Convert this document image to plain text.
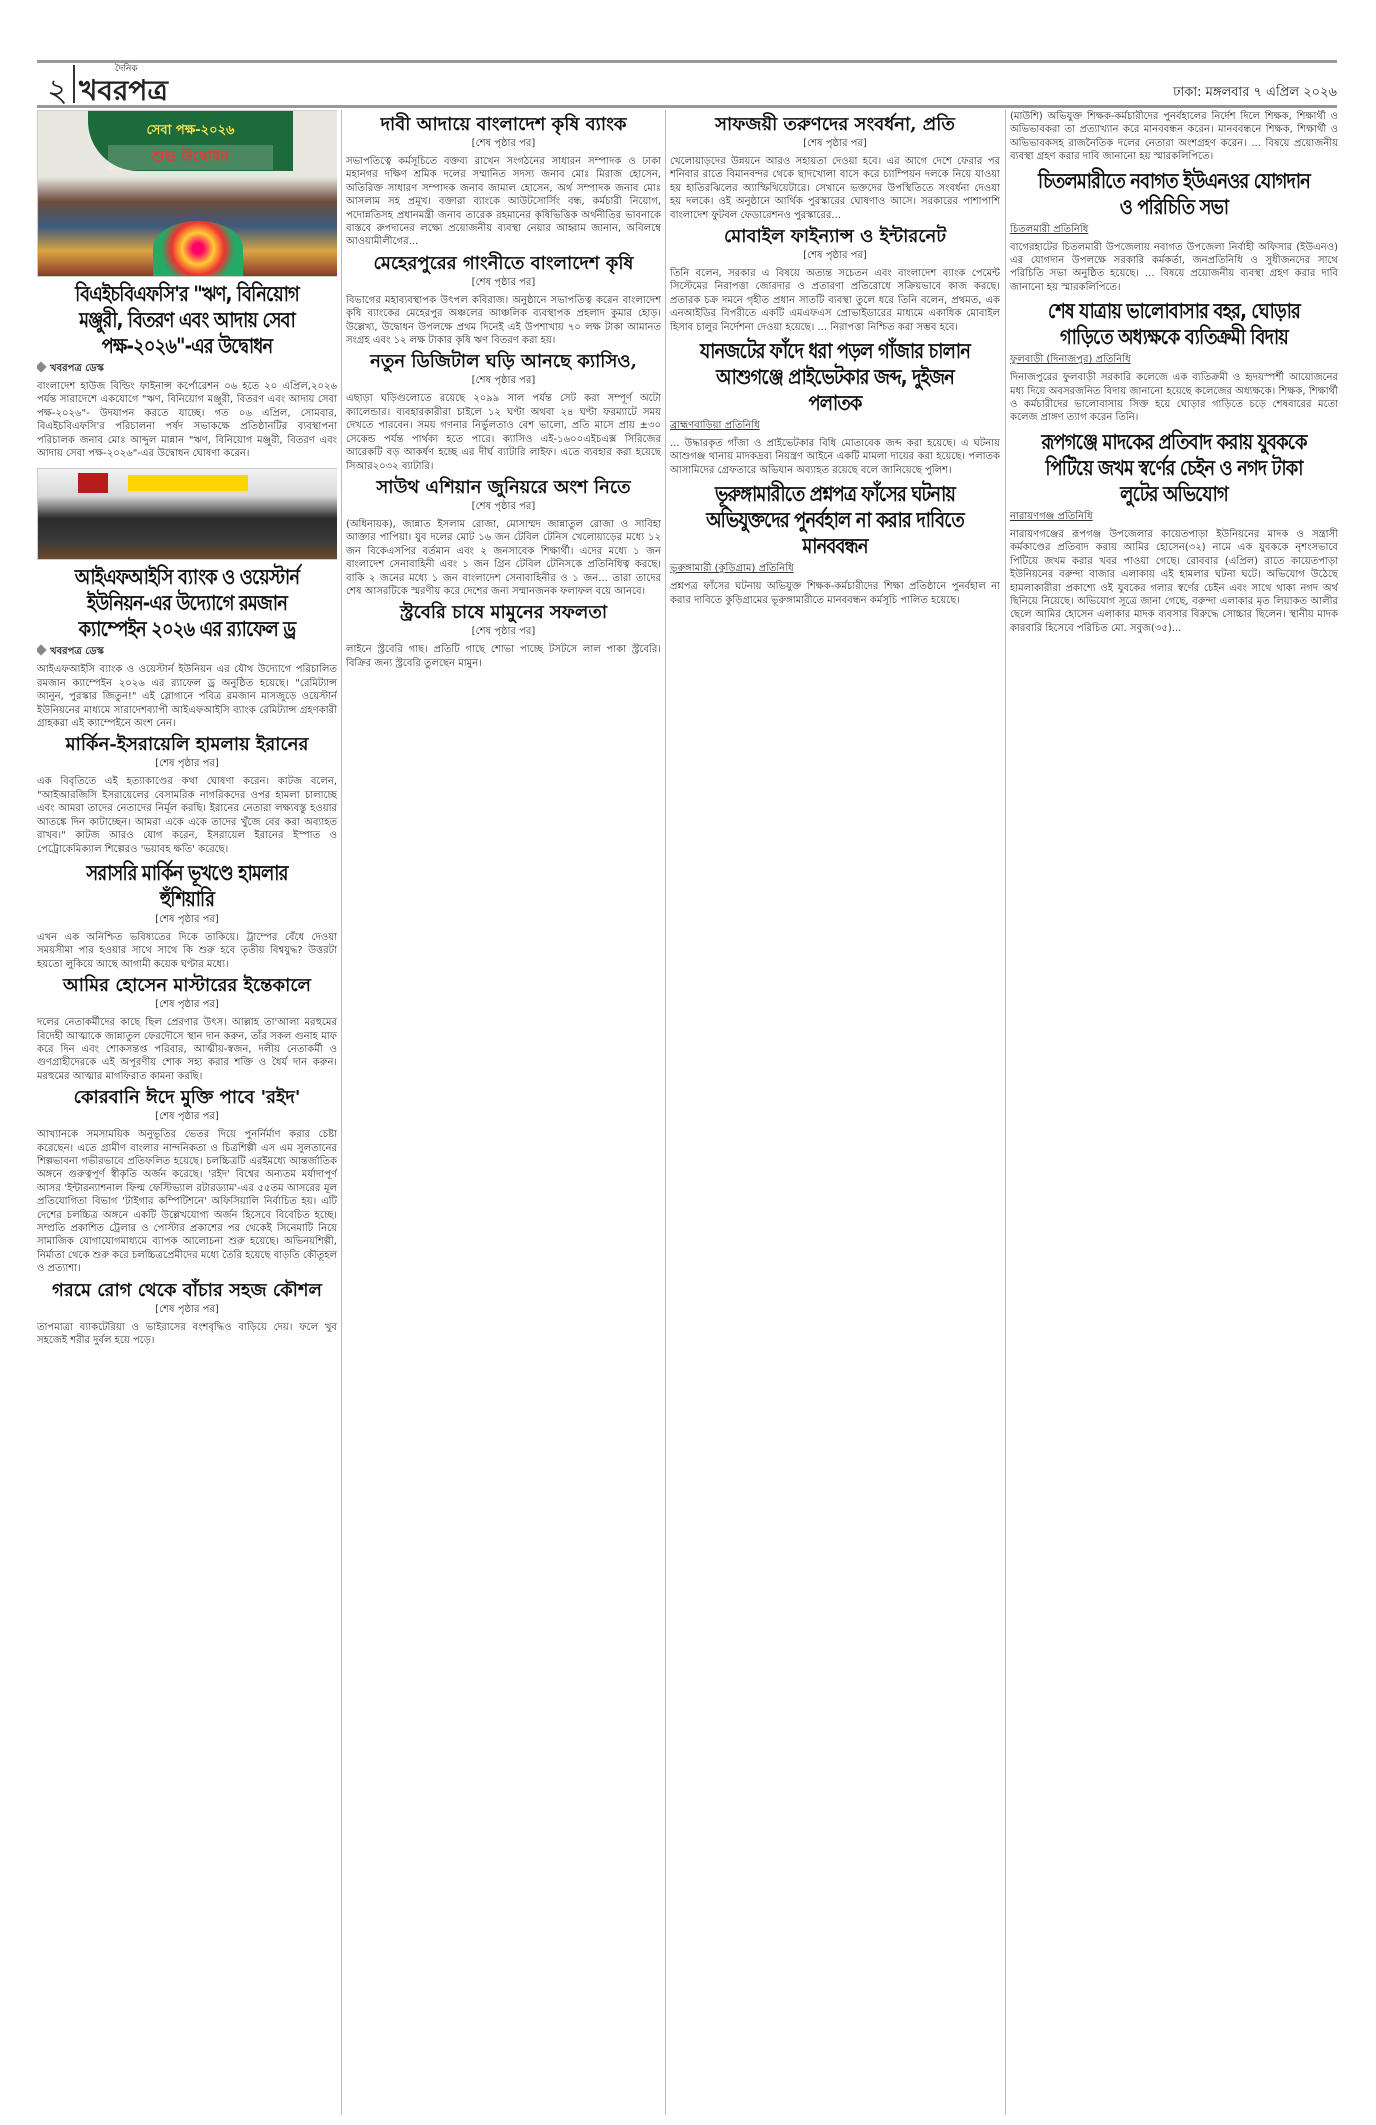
২
দৈনিক
খবরপত্র	ঢাকা: মঙ্গলবার ৭ এপ্রিল ২০২৬
সেবা পক্ষ-২০২৬
শুভ উদ্বোধন
বিএইচবিএফসি'র "ঋণ, বিনিয়োগ মঞ্জুরী, বিতরণ এবং আদায় সেবা পক্ষ-২০২৬"-এর উদ্বোধন
খবরপত্র ডেস্ক

বাংলাদেশ হাউজ বিল্ডিং ফাইনান্স কর্পোরেশন ০৬ হতে ২০ এপ্রিল,২০২৬ পর্যন্ত সারাদেশে একযোগে "ঋণ, বিনিয়োগ মঞ্জুরী, বিতরণ এবং আদায় সেবা পক্ষ-২০২৬"- উদযাপন করতে যাচ্ছে। গত ০৬ এপ্রিল, সোমবার, বিএইচবিএফসি'র পরিচালনা পর্ষদ সভাকক্ষে প্রতিষ্ঠানটির ব্যবস্থাপনা পরিচালক জনাব মোঃ আব্দুল মান্নান "ঋণ, বিনিয়োগ মঞ্জুরী, বিতরণ এবং আদায় সেবা পক্ষ-২০২৬"-এর উদ্বোধন ঘোষণা করেন।

আইএফআইসি ব্যাংক ও ওয়েস্টার্ন ইউনিয়ন-এর উদ্যোগে রমজান ক্যাম্পেইন ২০২৬ এর র‍্যাফেল ড্র
খবরপত্র ডেস্ক

আইএফআইসি ব্যাংক ও ওয়েস্টার্ন ইউনিয়ন এর যৌথ উদ্যোগে পরিচালিত রমজান ক্যাম্পেইন ২০২৬ এর র‍্যাফেল ড্র অনুষ্ঠিত হয়েছে। "রেমিট্যান্স আনুন, পুরস্কার জিতুন!" এই স্লোগানে পবিত্র রমজান মাসজুড়ে ওয়েস্টার্ন ইউনিয়নের মাধ্যমে সারাদেশব্যাপী আইএফআইসি ব্যাংক রেমিট্যান্স গ্রহণকারী গ্রাহকরা এই ক্যাম্পেইনে অংশ নেন।

মার্কিন-ইসরায়েলি হামলায় ইরানের

[শেষ পৃষ্ঠার পর]

এক বিবৃতিতে এই হত্যাকাণ্ডের কথা ঘোষণা করেন। কাটজ বলেন, "আইআরজিসি ইসরায়েলের বেসামরিক নাগরিকদের ওপর হামলা চালাচ্ছে এবং আমরা তাদের নেতাদের নির্মূল করছি। ইরানের নেতারা লক্ষ্যবস্তু হওয়ার আতঙ্কে দিন কাটাচ্ছেন। আমরা একে একে তাদের খুঁজে বের করা অব্যাহত রাখব।" কাটজ আরও যোগ করেন, ইসরায়েল ইরানের ইস্পাত ও পেট্রোকেমিক্যাল শিল্পেরও 'ভয়াবহ ক্ষতি' করেছে।

সরাসরি মার্কিন ভূখণ্ডে হামলার হুঁশিয়ারি

[শেষ পৃষ্ঠার পর]

এখন এক অনিশ্চিত ভবিষ্যতের দিকে তাকিয়ে। ট্রাম্পের বেঁধে দেওয়া সময়সীমা পার হওয়ার সাথে সাথে কি শুরু হবে তৃতীয় বিশ্বযুদ্ধ? উত্তরটা হয়তো লুকিয়ে আছে আগামী কয়েক ঘণ্টার মধ্যে।

আমির হোসেন মাস্টারের ইন্তেকালে

[শেষ পৃষ্ঠার পর]

দলের নেতাকর্মীদের কাছে ছিল প্রেরণার উৎস। আল্লাহ তা'আলা মরহুমের বিদেহী আত্মাকে জান্নাতুল ফেরদৌসে স্থান দান করুন, তাঁর সকল গুনাহ মাফ করে দিন এবং শোকসন্তপ্ত পরিবার, আত্মীয়-স্বজন, দলীয় নেতাকর্মী ও গুণগ্রাহীদেরকে এই অপূরণীয় শোক সহ্য করার শক্তি ও ধৈর্য দান করুন। মরহুমের আত্মার মাগফিরাত কামনা করছি।

কোরবানি ঈদে মুক্তি পাবে 'রইদ'

[শেষ পৃষ্ঠার পর]

আখ্যানকে সমসাময়িক অনুভূতির ভেতর দিয়ে পুনর্নির্মাণ করার চেষ্টা করেছেন। এতে গ্রামীণ বাংলার নান্দনিকতা ও চিত্রশিল্পী এস এম সুলতানের শিল্পভাবনা গভীরভাবে প্রতিফলিত হয়েছে। চলচ্চিত্রটি এরইমধ্যে আন্তর্জাতিক অঙ্গনে গুরুত্বপূর্ণ স্বীকৃতি অর্জন করেছে। 'রইদ' বিশ্বের অন্যতম মর্যাদাপূর্ণ আসর 'ইন্টারন্যাশনাল ফিল্ম ফেস্টিভ্যাল রটারড্যাম'-এর ৫৫তম আসরের মূল প্রতিযোগিতা বিভাগ 'টাইগার কম্পিটিশনে' অফিসিয়ালি নির্বাচিত হয়। এটি দেশের চলচ্চিত্র অঙ্গনে একটি উল্লেখযোগ্য অর্জন হিসেবে বিবেচিত হচ্ছে। সম্প্রতি প্রকাশিত ট্রেলার ও পোস্টার প্রকাশের পর থেকেই সিনেমাটি নিয়ে সামাজিক যোগাযোগমাধ্যমে ব্যাপক আলোচনা শুরু হয়েছে। অভিনয়শিল্পী, নির্মাতা থেকে শুরু করে চলচ্চিত্রপ্রেমীদের মধ্যে তৈরি হয়েছে বাড়তি কৌতূহল ও প্রত্যাশা।

গরমে রোগ থেকে বাঁচার সহজ কৌশল

[শেষ পৃষ্ঠার পর]

তাপমাত্রা ব্যাকটেরিয়া ও ভাইরাসের বংশবৃদ্ধিও বাড়িয়ে দেয়। ফলে খুব সহজেই শরীর দুর্বল হয়ে পড়ে।

দাবী আদায়ে বাংলাদেশ কৃষি ব্যাংক

[শেষ পৃষ্ঠার পর]

সভাপতিত্বে কর্মসূচিতে বক্তব্য রাখেন সংগঠনের সাধারন সম্পাদক ও ঢাকা মহানগর দক্ষিণ শ্রমিক দলের সম্মানিত সদস্য জনাব মোঃ মিরাজ হোসেন, অতিরিক্ত সাধারণ সম্পাদক জনাব জামাল হোসেন, অর্থ সম্পাদক জনাব মোঃ আসলাম সহ প্রমূখ। বক্তারা ব্যাংকে আউটসোর্সিং বন্ধ, কর্মচারী নিয়োগ, পদোন্নতিসহ প্রধানমন্ত্রী জনাব তারেক রহমানের কৃষিভিত্তিক অর্থনীতির ভাবনাকে বাস্তবে রুপদানের লক্ষ্যে প্রয়োজনীয় ব্যবস্থা নেয়ার আহ্বাম জানান, অবিলম্বে আওয়ামীলীগের...

মেহেরপুরের গাংনীতে বাংলাদেশ কৃষি

[শেষ পৃষ্ঠার পর]

বিভাগের মহাব্যবস্থাপক উৎপল কবিরাজ। অনুষ্ঠানে সভাপতিত্ব করেন বাংলাদেশ কৃষি ব্যাংকের মেহেরপুর অঞ্চলের আঞ্চলিক ব্যবস্থাপক প্রহলাদ কুমার হোড়। উল্লেখ্য, উদ্বোধন উপলক্ষে প্রথম দিনেই এই উপশাখায় ৭০ লক্ষ টাকা আমানত সংগ্রহ এবং ১২ লক্ষ টাকার কৃষি ঋণ বিতরণ করা হয়।

নতুন ডিজিটাল ঘড়ি আনছে ক্যাসিও,

[শেষ পৃষ্ঠার পর]

এছাড়া ঘড়িগুলোতে রয়েছে ২০৯৯ সাল পর্যন্ত সেট করা সম্পূর্ণ অটো ক্যালেন্ডার। ব্যবহারকারীরা চাইলে ১২ ঘণ্টা অথবা ২৪ ঘণ্টা ফরম্যাটে সময় দেখতে পারবেন। সময় গণনার নির্ভুলতাও বেশ ভালো, প্রতি মাসে প্রায় ±৩০ সেকেন্ড পর্যন্ত পার্থক্য হতে পারে। ক্যাসিও এই-১৬০০এইচএক্স সিরিজের আরেকটি বড় আকর্ষণ হচ্ছে এর দীর্ঘ ব্যাটারি লাইফ। এতে ব্যবহার করা হয়েছে সিআর২০৩২ ব্যাটারি।

সাউথ এশিয়ান জুনিয়রে অংশ নিতে

[শেষ পৃষ্ঠার পর]

(অধিনায়ক), জান্নাত ইসলাম রোজা, মোসাম্মদ জান্নাতুল রোজা ও সাবিহা আক্তার পাপিয়া। যুব দলের মোট ১৬ জন টেবিল টেনিস খেলোয়াড়ের মধ্যে ১২ জন বিকেএসপির বর্তমান এবং ২ জনসাবেক শিক্ষার্থী। এদের মধ্যে ১ জন বাংলাদেশ সেনাবাহিনী এবং ১ জন গ্রিন টেবিল টেনিসকে প্রতিনিধিত্ব করছে। বাকি ২ জনের মধ্যে ১ জন বাংলাদেশ সেনাবাহিনীর ও ১ জন... তারা তাদের শেষ আসরটিকে স্মরণীয় করে দেশের জন্য সম্মানজনক ফলাফল বয়ে আনবে।

স্ট্রবেরি চাষে মামুনের সফলতা

[শেষ পৃষ্ঠার পর]

লাইনে স্ট্রবেরি গাছ। প্রতিটি গাছে শোভা পাচ্ছে টসটসে লাল পাকা স্ট্রবেরি। বিক্রির জন্য স্ট্রবেরি তুলছেন মামুন।

সাফজয়ী তরুণদের সংবর্ধনা, প্রতি

[শেষ পৃষ্ঠার পর]

খেলোয়াড়দের উন্নয়নে আরও সহায়তা দেওয়া হবে। এর আগে দেশে ফেরার পর শনিবার রাতে বিমানবন্দর থেকে ছাদখোলা বাসে করে চ্যাম্পিয়ন দলকে নিয়ে যাওয়া হয় হাতিরঝিলের অ্যাম্ফিথিয়েটারে। সেখানে ভক্তদের উপস্থিতিতে সংবর্ধনা দেওয়া হয় দলকে। ওই অনুষ্ঠানে আর্থিক পুরস্কারের ঘোষণাও আসে। সরকারের পাশাপাশি বাংলাদেশ ফুটবল ফেডারেশনও পুরস্কারের...

মোবাইল ফাইন্যান্স ও ইন্টারনেট

[শেষ পৃষ্ঠার পর]

তিনি বলেন, সরকার এ বিষয়ে অত্যন্ত সচেতন এবং বাংলাদেশ ব্যাংক পেমেন্ট সিস্টেমের নিরাপত্তা জোরদার ও প্রতারণা প্রতিরোধে সক্রিয়ভাবে কাজ করছে। প্রতারক চক্র দমনে গৃহীত প্রধান সাতটি ব্যবস্থা তুলে ধরে তিনি বলেন, প্রথমত, এক এনআইডির বিপরীতে একটি এমএফএস প্রোভাইডারের মাধ্যমে একাধিক মোবাইল হিসাব চালুর নির্দেশনা দেওয়া হয়েছে। ... নিরাপত্তা নিশ্চিত করা সম্ভব হবে।

যানজটের ফাঁদে ধরা পড়ল গাঁজার চালান আশুগঞ্জে প্রাইভেটকার জব্দ, দুইজন পলাতক
ব্রাহ্মণবাড়িয়া প্রতিনিধি

... উদ্ধারকৃত গাঁজা ও প্রাইভেটকার বিধি মোতাবেক জব্দ করা হয়েছে। এ ঘটনায় আশুগঞ্জ থানায় মাদকদ্রব্য নিয়ন্ত্রণ আইনে একটি মামলা দায়ের করা হয়েছে। পলাতক আসামিদের গ্রেফতারে অভিযান অব্যাহত রয়েছে বলে জানিয়েছে পুলিশ।

ভূরুঙ্গামারীতে প্রশ্নপত্র ফাঁসের ঘটনায় অভিযুক্তদের পুনর্বহাল না করার দাবিতে মানববন্ধন
ভূরুঙ্গামারী (কুড়িগ্রাম) প্রতিনিধি

প্রশ্নপত্র ফাঁসের ঘটনায় অভিযুক্ত শিক্ষক-কর্মচারীদের শিক্ষা প্রতিষ্ঠানে পুনর্বহাল না করার দাবিতে কুড়িগ্রামের ভূরুঙ্গামারীতে মানববন্ধন কর্মসূচি পালিত হয়েছে।

(মাউশি) অভিযুক্ত শিক্ষক-কর্মচারীদের পুনর্বহালের নির্দেশ দিলে শিক্ষক, শিক্ষার্থী ও অভিভাবকরা তা প্রত্যাখ্যান করে মানববন্ধন করেন। মানববন্ধনে শিক্ষক, শিক্ষার্থী ও অভিভাবকসহ রাজনৈতিক দলের নেতারা অংশগ্রহণ করেন। ... বিষয়ে প্রয়োজনীয় ব্যবস্থা গ্রহণ করার দাবি জানানো হয় স্মারকলিপিতে।

চিতলমারীতে নবাগত ইউএনওর যোগদান ও পরিচিতি সভা
চিতলমারী প্রতিনিধি

বাগেরহাটের চিতলমারী উপজেলায় নবাগত উপজেলা নির্বাহী অফিসার (ইউএনও) এর যোগদান উপলক্ষে সরকারি কর্মকর্তা, জনপ্রতিনিধি ও সুধীজনদের সাথে পরিচিতি সভা অনুষ্ঠিত হয়েছে। ... বিষয়ে প্রয়োজনীয় ব্যবস্থা গ্রহণ করার দাবি জানানো হয় স্মারকলিপিতে।

শেষ যাত্রায় ভালোবাসার বহর, ঘোড়ার গাড়িতে অধ্যক্ষকে ব্যতিক্রমী বিদায়
ফুলবাড়ী (দিনাজপুর) প্রতিনিধি

দিনাজপুরের ফুলবাড়ী সরকারি কলেজে এক ব্যতিক্রমী ও হৃদয়স্পর্শী আয়োজনের মধ্য দিয়ে অবসরজনিত বিদায় জানানো হয়েছে কলেজের অধ্যক্ষকে। শিক্ষক, শিক্ষার্থী ও কর্মচারীদের ভালোবাসায় সিক্ত হয়ে ঘোড়ার গাড়িতে চড়ে শেষবারের মতো কলেজ প্রাঙ্গণ ত্যাগ করেন তিনি।

রূপগঞ্জে মাদকের প্রতিবাদ করায় যুবককে পিটিয়ে জখম স্বর্ণের চেইন ও নগদ টাকা লুটের অভিযোগ
নারায়ণগঞ্জ প্রতিনিধি

নারায়ণগঞ্জের রূপগঞ্জ উপজেলার কায়েতপাড়া ইউনিয়নের মাদক ও সন্ত্রাসী কর্মকাণ্ডের প্রতিবাদ করায় আমির হোসেন(৩২) নামে এক যুবককে নৃশংসভাবে পিটিয়ে জখম করার খবর পাওয়া গেছে। রোববার (এপ্রিল) রাতে কায়েতপাড়া ইউনিয়নের বরুন্দা বাজার এলাকায় এই হামলার ঘটনা ঘটে। অভিযোগ উঠেছে হামলাকারীরা প্রকাশ্যে ওই যুবকের গলার স্বর্ণের চেইন এবং সাথে থাকা নগদ অর্থ ছিনিয়ে নিয়েছে। অভিযোগ সূত্রে জানা গেছে, বরুন্দা এলাকার মৃত লিয়াকত আলীর ছেলে আমির হোসেন এলাকার মাদক ব্যবসার বিরুদ্ধে সোচ্চার ছিলেন। স্থানীয় মাদক কারবারি হিসেবে পরিচিত মো. সবুজ(৩৫)...
